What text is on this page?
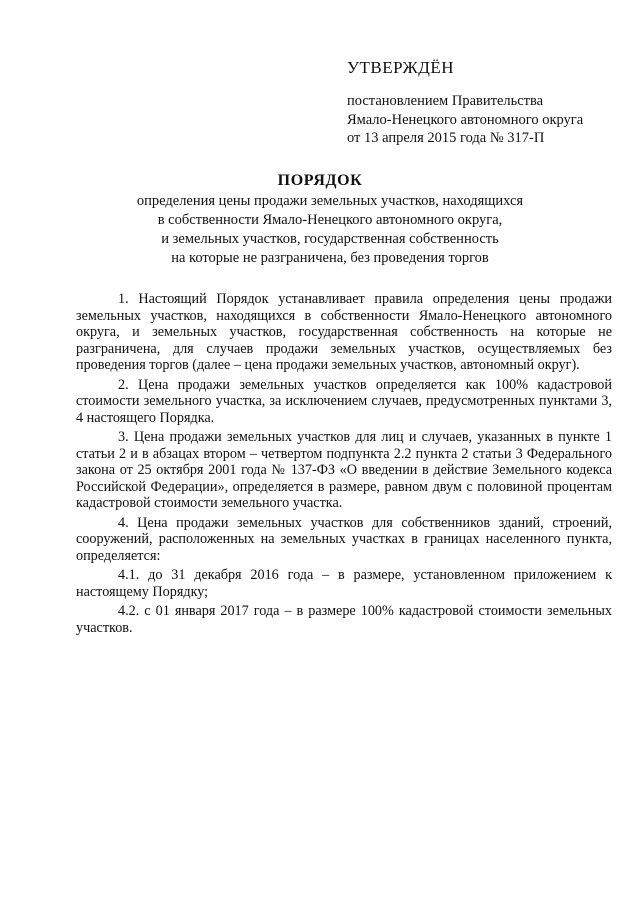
УТВЕРЖДЁН
постановлением Правительства
Ямало-Ненецкого автономного округа
от 13 апреля 2015 года № 317-П
ПОРЯДОК
определения цены продажи земельных участков, находящихся
в собственности Ямало-Ненецкого автономного округа,
и земельных участков, государственная собственность
на которые не разграничена, без проведения торгов

1. Настоящий Порядок устанавливает правила определения цены продажи земельных участков, находящихся в собственности Ямало-Ненецкого автономного округа, и земельных участков, государственная собственность на которые не разграничена, для случаев продажи земельных участков, осуществляемых без проведения торгов (далее – цена продажи земельных участков, автономный округ).

2. Цена продажи земельных участков определяется как 100% кадастровой стоимости земельного участка, за исключением случаев, предусмотренных пунктами 3, 4 настоящего Порядка.

3. Цена продажи земельных участков для лиц и случаев, указанных в пункте 1 статьи 2 и в абзацах втором – четвертом подпункта 2.2 пункта 2 статьи 3 Федерального закона от 25 октября 2001 года № 137-ФЗ «О введении в действие Земельного кодекса Российской Федерации», определяется в размере, равном двум с половиной процентам кадастровой стоимости земельного участка.

4. Цена продажи земельных участков для собственников зданий, строений, сооружений, расположенных на земельных участках в границах населенного пункта, определяется:

4.1. до 31 декабря 2016 года – в размере, установленном приложением к настоящему Порядку;

4.2. с 01 января 2017 года – в размере 100% кадастровой стоимости земельных участков.
